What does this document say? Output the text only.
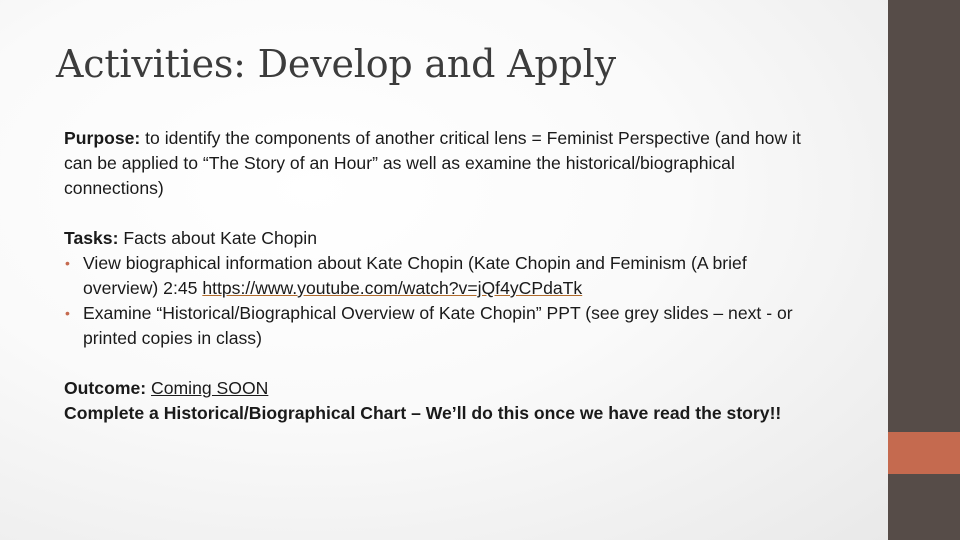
Activities: Develop and Apply

Purpose: to identify the components of another critical lens = Feminist Perspective (and how it can be applied to “The Story of an Hour” as well as examine the historical/biographical connections)

Tasks: Facts about Kate Chopin

• View biographical information about Kate Chopin (Kate Chopin and Feminism (A brief overview) 2:45 https://www.youtube.com/watch?v=jQf4yCPdaTk
• Examine “Historical/Biographical Overview of Kate Chopin” PPT (see grey slides – next - or printed copies in class)

Outcome: Coming SOON

Complete a Historical/Biographical Chart – We’ll do this once we have read the story!!
